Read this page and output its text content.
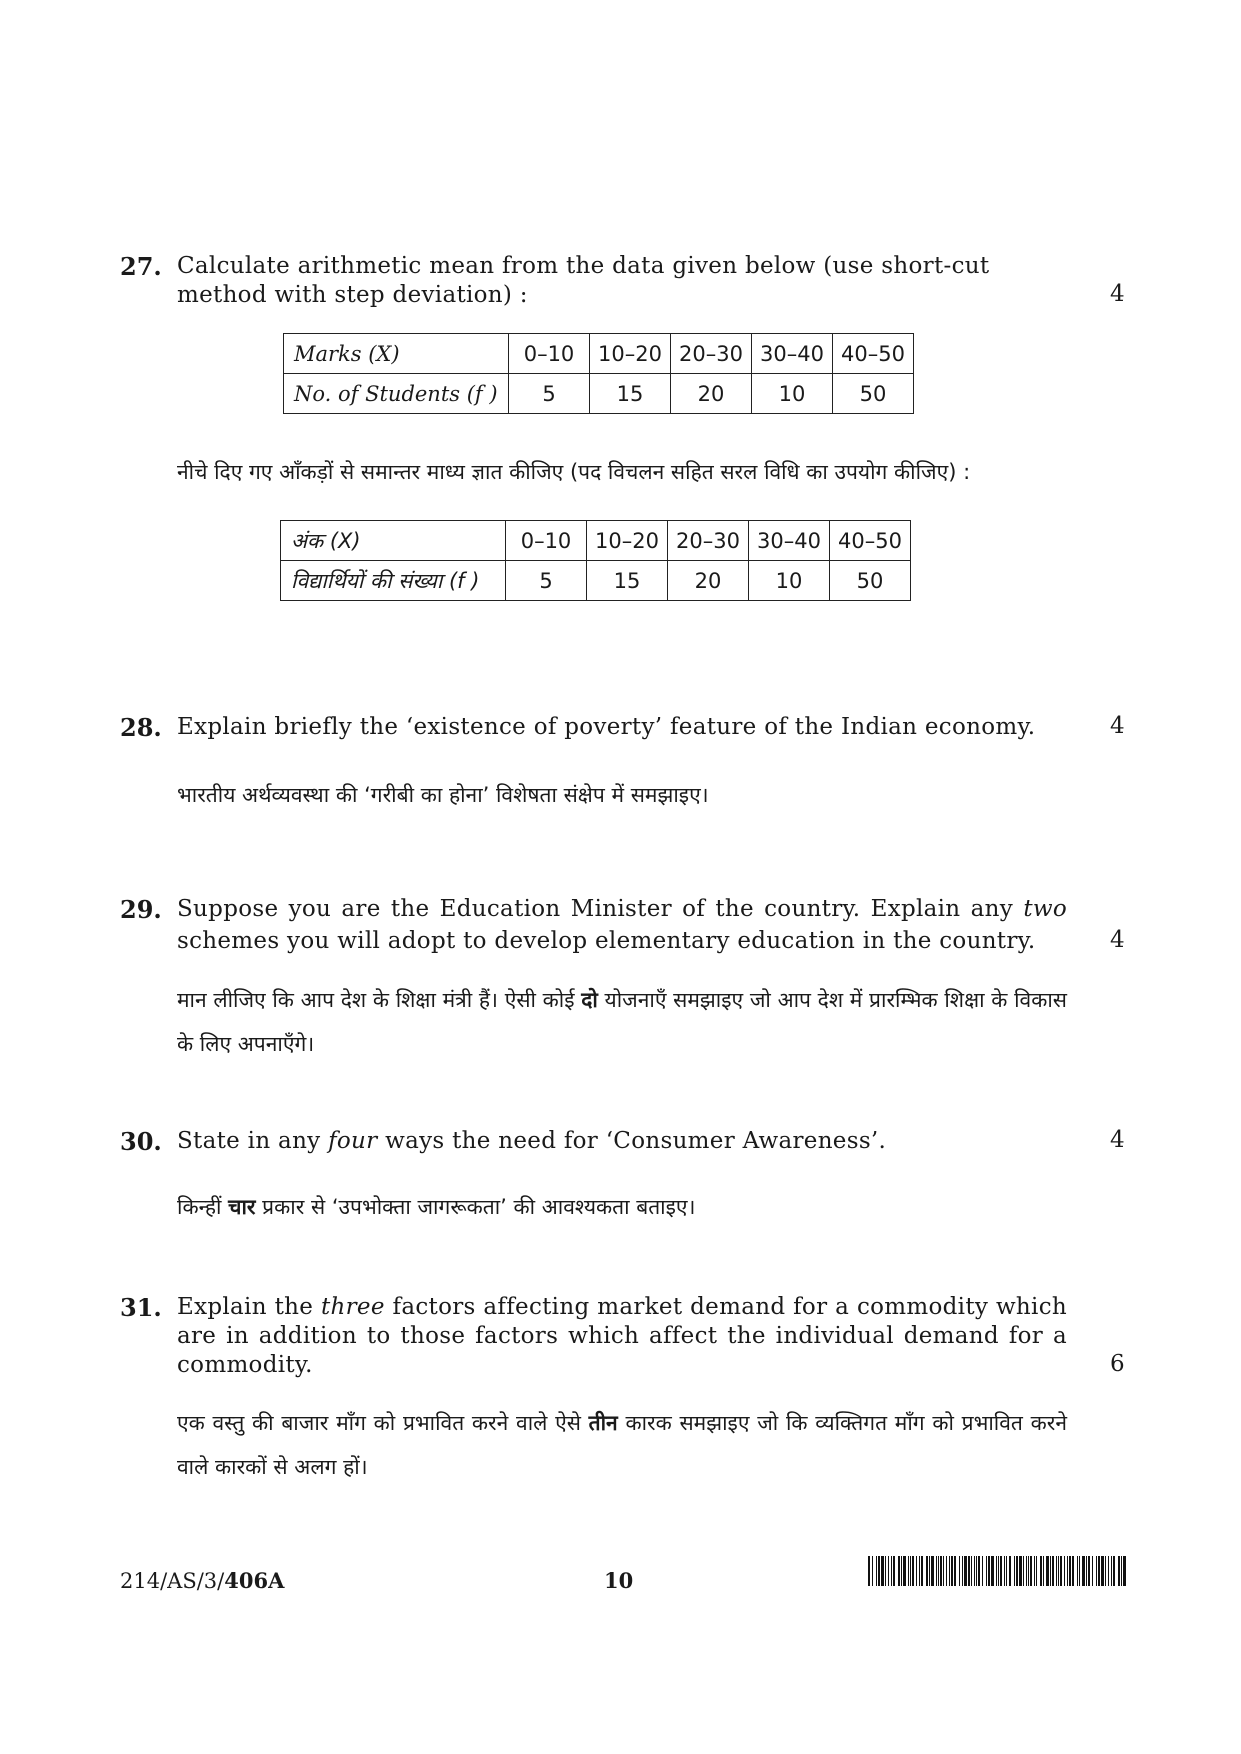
27. Calculate arithmetic mean from the data given below (use short-cut
method with step deviation) :	4
Marks (X)	0–10	10–20	20–30	30–40	40–50
No. of Students (f )	5	15	20	10	50
नीचे दिए गए आँकड़ों से समान्तर माध्य ज्ञात कीजिए (पद विचलन सहित सरल विधि का उपयोग कीजिए) :
अंक (X)	0–10	10–20	20–30	30–40	40–50
विद्यार्थियों की संख्या (f )	5	15	20	10	50
28. Explain briefly the ‘existence of poverty’ feature of the Indian economy.	4
भारतीय अर्थव्यवस्था की ‘गरीबी का होना’ विशेषता संक्षेप में समझाइए।
29. Suppose you are the Education Minister of the country. Explain any two
schemes you will adopt to develop elementary education in the country.	4
मान लीजिए कि आप देश के शिक्षा मंत्री हैं। ऐसी कोई दो योजनाएँ समझाइए जो आप देश में प्रारम्भिक शिक्षा के विकास के लिए अपनाएँगे।
30. State in any four ways the need for ‘Consumer Awareness’.	4
किन्हीं चार प्रकार से ‘उपभोक्ता जागरूकता’ की आवश्यकता बताइए।
31. Explain the three factors affecting market demand for a commodity which are in addition to those factors which affect the individual demand for a commodity.	6
एक वस्तु की बाजार माँग को प्रभावित करने वाले ऐसे तीन कारक समझाइए जो कि व्यक्तिगत माँग को प्रभावित करने वाले कारकों से अलग हों।
214/AS/3/406A	10
